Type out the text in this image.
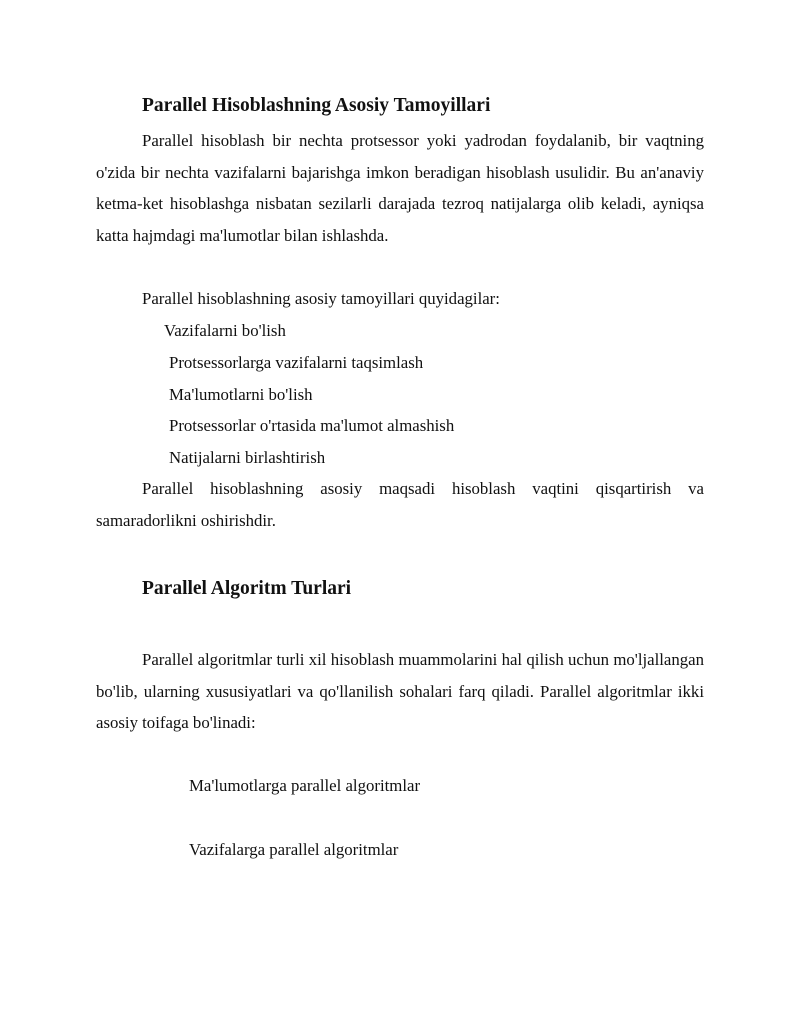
Parallel Hisoblashning Asosiy Tamoyillari

Parallel hisoblash bir nechta protsessor yoki yadrodan foydalanib, bir vaqtning o'zida bir nechta vazifalarni bajarishga imkon beradigan hisoblash usulidir. Bu an'anaviy ketma-ket hisoblashga nisbatan sezilarli darajada tezroq natijalarga olib keladi, ayniqsa katta hajmdagi ma'lumotlar bilan ishlashda.

Parallel hisoblashning asosiy tamoyillari quyidagilar:

Vazifalarni bo'lish

Protsessorlarga vazifalarni taqsimlash

Ma'lumotlarni bo'lish

Protsessorlar o'rtasida ma'lumot almashish

Natijalarni birlashtirish

Parallel hisoblashning asosiy maqsadi hisoblash vaqtini qisqartirish va samaradorlikni oshirishdir.

Parallel Algoritm Turlari

Parallel algoritmlar turli xil hisoblash muammolarini hal qilish uchun mo'ljallangan bo'lib, ularning xususiyatlari va qo'llanilish sohalari farq qiladi. Parallel algoritmlar ikki asosiy toifaga bo'linadi:

Ma'lumotlarga parallel algoritmlar

Vazifalarga parallel algoritmlar
